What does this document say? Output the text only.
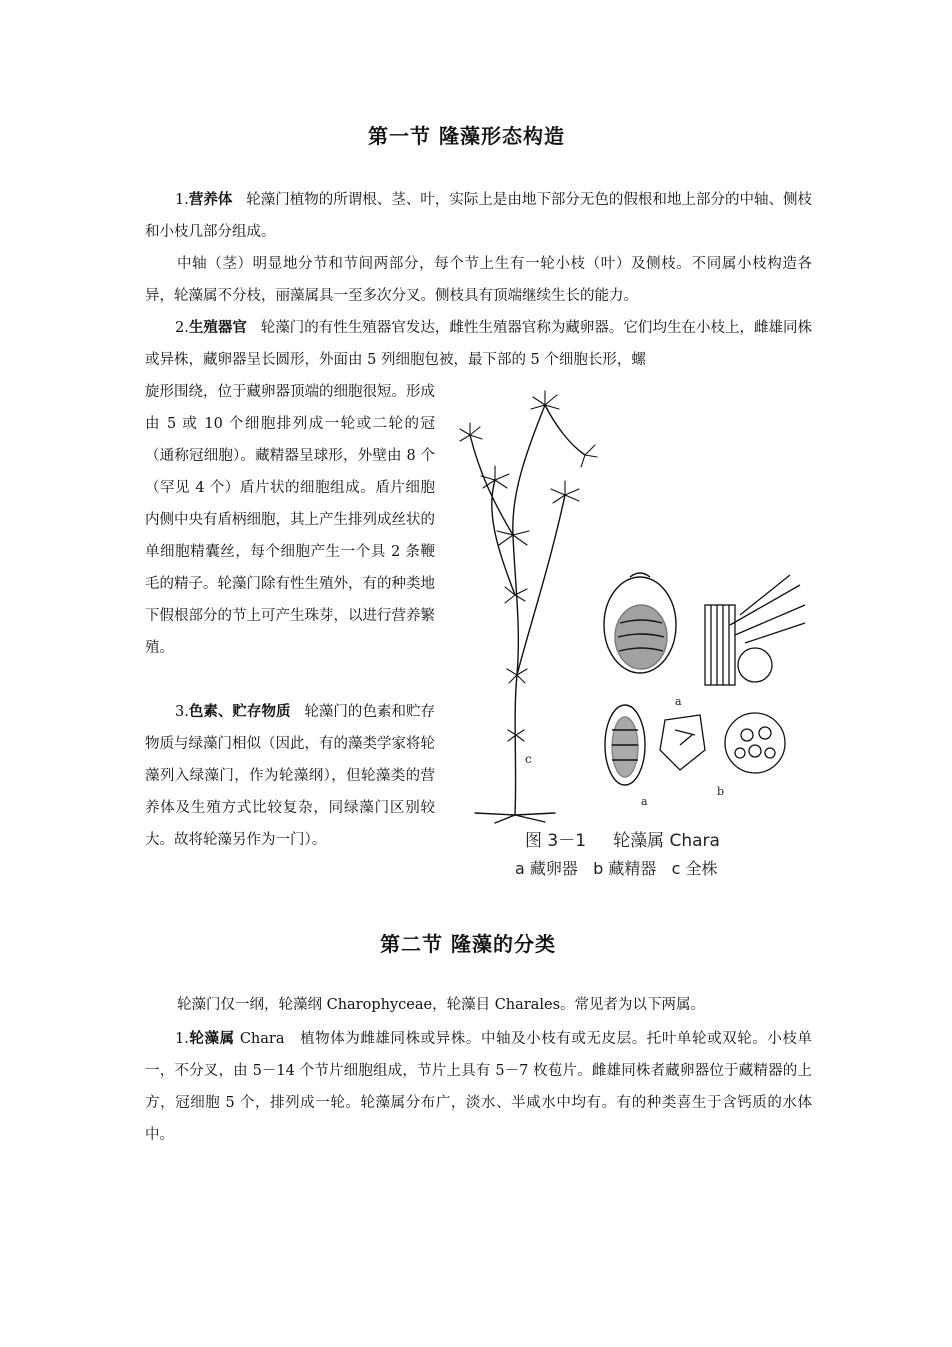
第一节 隆藻形态构造

1.营养体 轮藻门植物的所谓根、茎、叶，实际上是由地下部分无色的假根和地上部分的中轴、侧枝和小枝几部分组成。

中轴（茎）明显地分节和节间两部分，每个节上生有一轮小枝（叶）及侧枝。不同属小枝构造各异，轮藻属不分枝，丽藻属具一至多次分叉。侧枝具有顶端继续生长的能力。

2.生殖器官 轮藻门的有性生殖器官发达，雌性生殖器官称为藏卵器。它们均生在小枝上，雌雄同株或异株，藏卵器呈长圆形，外面由 5 列细胞包被，最下部的 5 个细胞长形，螺

旋形围绕，位于藏卵器顶端的细胞很短。形成由 5 或 10 个细胞排列成一轮或二轮的冠（通称冠细胞）。藏精器呈球形，外壁由 8 个（罕见 4 个）盾片状的细胞组成。盾片细胞内侧中央有盾柄细胞，其上产生排列成丝状的单细胞精囊丝，每个细胞产生一个具 2 条鞭毛的精子。轮藻门除有性生殖外，有的种类地下假根部分的节上可产生珠芽，以进行营养繁殖。

3.色素、贮存物质 轮藻门的色素和贮存物质与绿藻门相似（因此，有的藻类学家将轮藻列入绿藻门，作为轮藻纲），但轮藻类的营养体及生殖方式比较复杂，同绿藻门区别较大。故将轮藻另作为一门）。

c
a
a
b
图 3－1 轮藻属 Chara
a 藏卵器   b 藏精器   c 全株
第二节 隆藻的分类

轮藻门仅一纲，轮藻纲 Charophyceae，轮藻目 Charales。常见者为以下两属。

1.轮藻属 Chara 植物体为雌雄同株或异株。中轴及小枝有或无皮层。托叶单轮或双轮。小枝单一，不分叉，由 5－14 个节片细胞组成，节片上具有 5－7 枚苞片。雌雄同株者藏卵器位于藏精器的上方，冠细胞 5 个，排列成一轮。轮藻属分布广，淡水、半咸水中均有。有的种类喜生于含钙质的水体中。
